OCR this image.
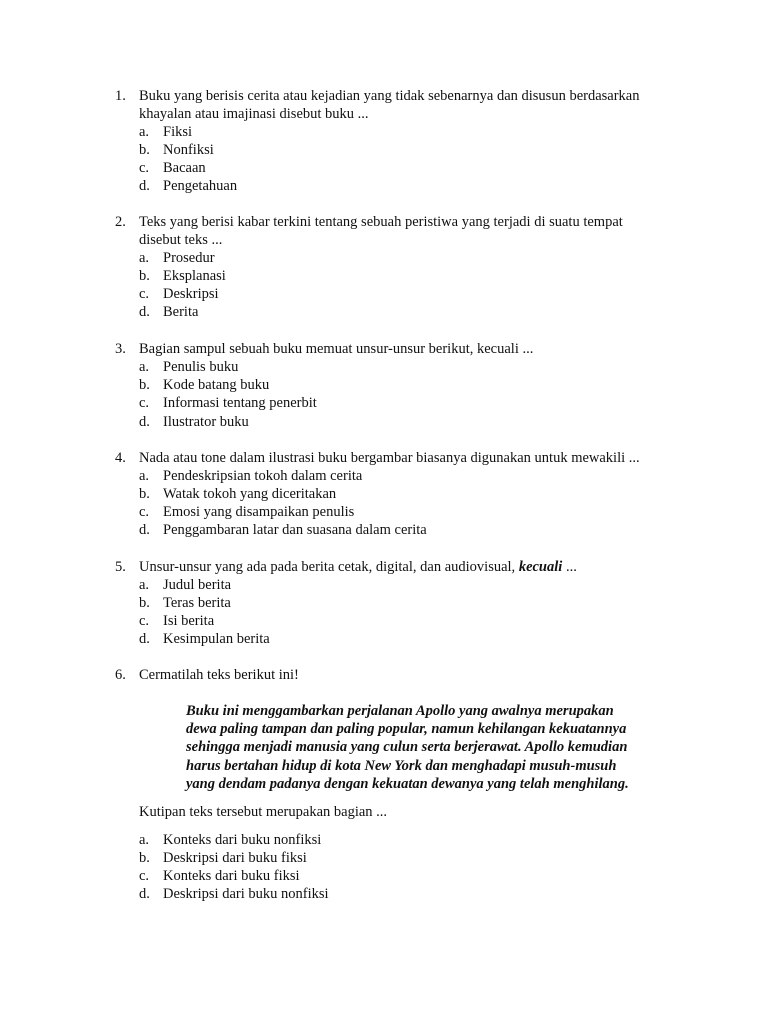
1. Buku yang berisis cerita atau kejadian yang tidak sebenarnya dan disusun berdasarkan
khayalan atau imajinasi disebut buku ...
a. Fiksi
b. Nonfiksi
c. Bacaan
d. Pengetahuan
2. Teks yang berisi kabar terkini tentang sebuah peristiwa yang terjadi di suatu tempat
disebut teks ...
a. Prosedur
b. Eksplanasi
c. Deskripsi
d. Berita
3. Bagian sampul sebuah buku memuat unsur-unsur berikut, kecuali ...
a. Penulis buku
b. Kode batang buku
c. Informasi tentang penerbit
d. Ilustrator buku
4. Nada atau tone dalam ilustrasi buku bergambar biasanya digunakan untuk mewakili ...
a. Pendeskripsian tokoh dalam cerita
b. Watak tokoh yang diceritakan
c. Emosi yang disampaikan penulis
d. Penggambaran latar dan suasana dalam cerita
5. Unsur-unsur yang ada pada berita cetak, digital, dan audiovisual, kecuali ...
a. Judul berita
b. Teras berita
c. Isi berita
d. Kesimpulan berita
6. Cermatilah teks berikut ini!
Buku ini menggambarkan perjalanan Apollo yang awalnya merupakan
dewa paling tampan dan paling popular, namun kehilangan kekuatannya
sehingga menjadi manusia yang culun serta berjerawat. Apollo kemudian
harus bertahan hidup di kota New York dan menghadapi musuh-musuh
yang dendam padanya dengan kekuatan dewanya yang telah menghilang.
Kutipan teks tersebut merupakan bagian ...
a. Konteks dari buku nonfiksi
b. Deskripsi dari buku fiksi
c. Konteks dari buku fiksi
d. Deskripsi dari buku nonfiksi
